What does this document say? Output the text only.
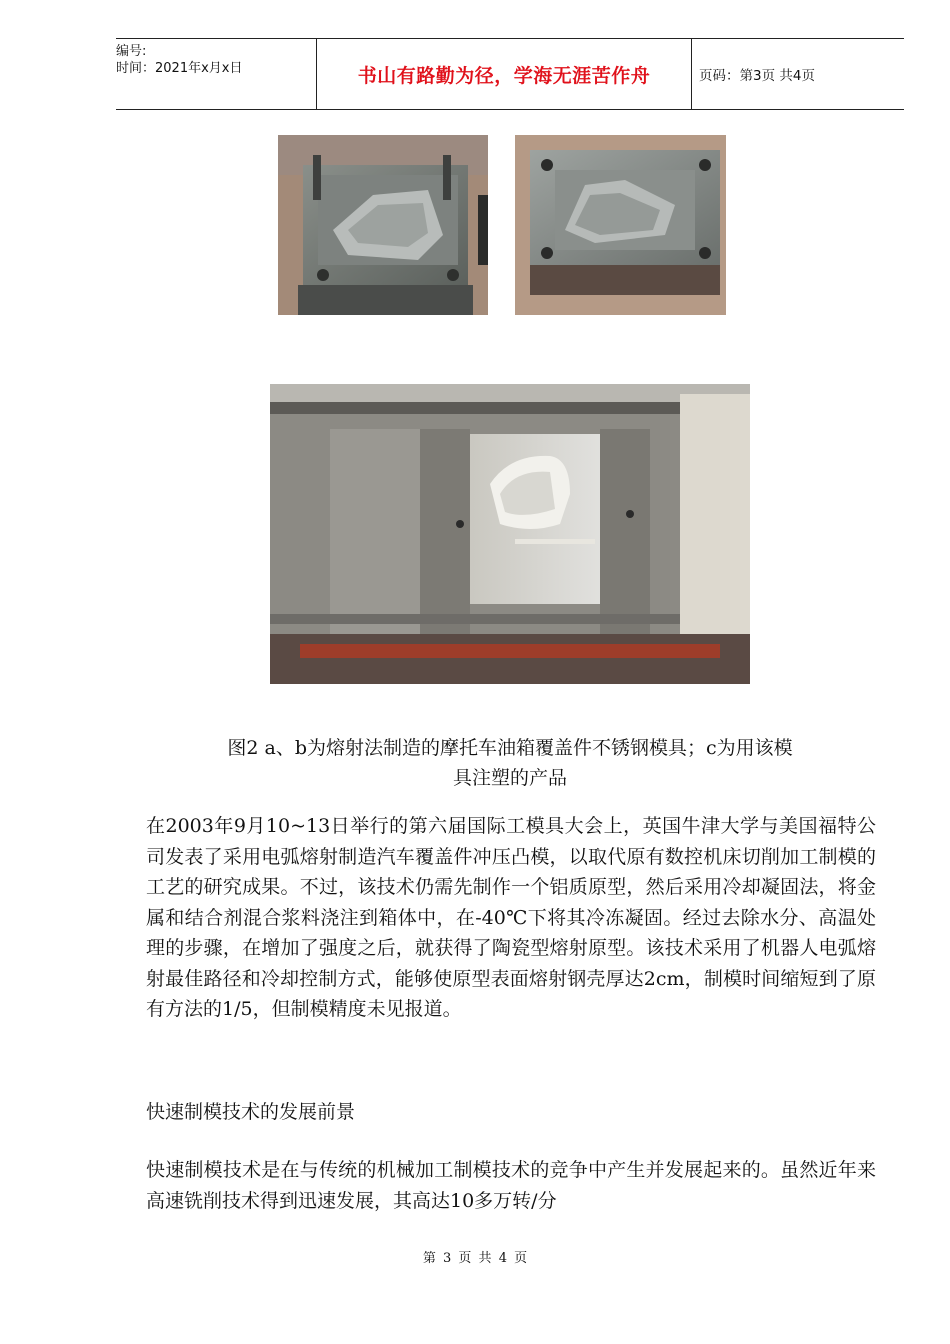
编号:
时间：2021年x月x日	书山有路勤为径，学海无涯苦作舟	页码：第3页 共4页
图2 a、b为熔射法制造的摩托车油箱覆盖件不锈钢模具；c为用该模
具注塑的产品
在2003年9月10~13日举行的第六届国际工模具大会上，英国牛津大学与美国福特公司发表了采用电弧熔射制造汽车覆盖件冲压凸模，以取代原有数控机床切削加工制模的工艺的研究成果。不过，该技术仍需先制作一个铝质原型，然后采用冷却凝固法，将金属和结合剂混合浆料浇注到箱体中，在-40℃下将其冷冻凝固。经过去除水分、高温处理的步骤，在增加了强度之后，就获得了陶瓷型熔射原型。该技术采用了机器人电弧熔射最佳路径和冷却控制方式，能够使原型表面熔射钢壳厚达2cm，制模时间缩短到了原有方法的1/5，但制模精度未见报道。
快速制模技术的发展前景
快速制模技术是在与传统的机械加工制模技术的竞争中产生并发展起来的。虽然近年来高速铣削技术得到迅速发展，其高达10多万转/分
第 3 页 共 4 页
